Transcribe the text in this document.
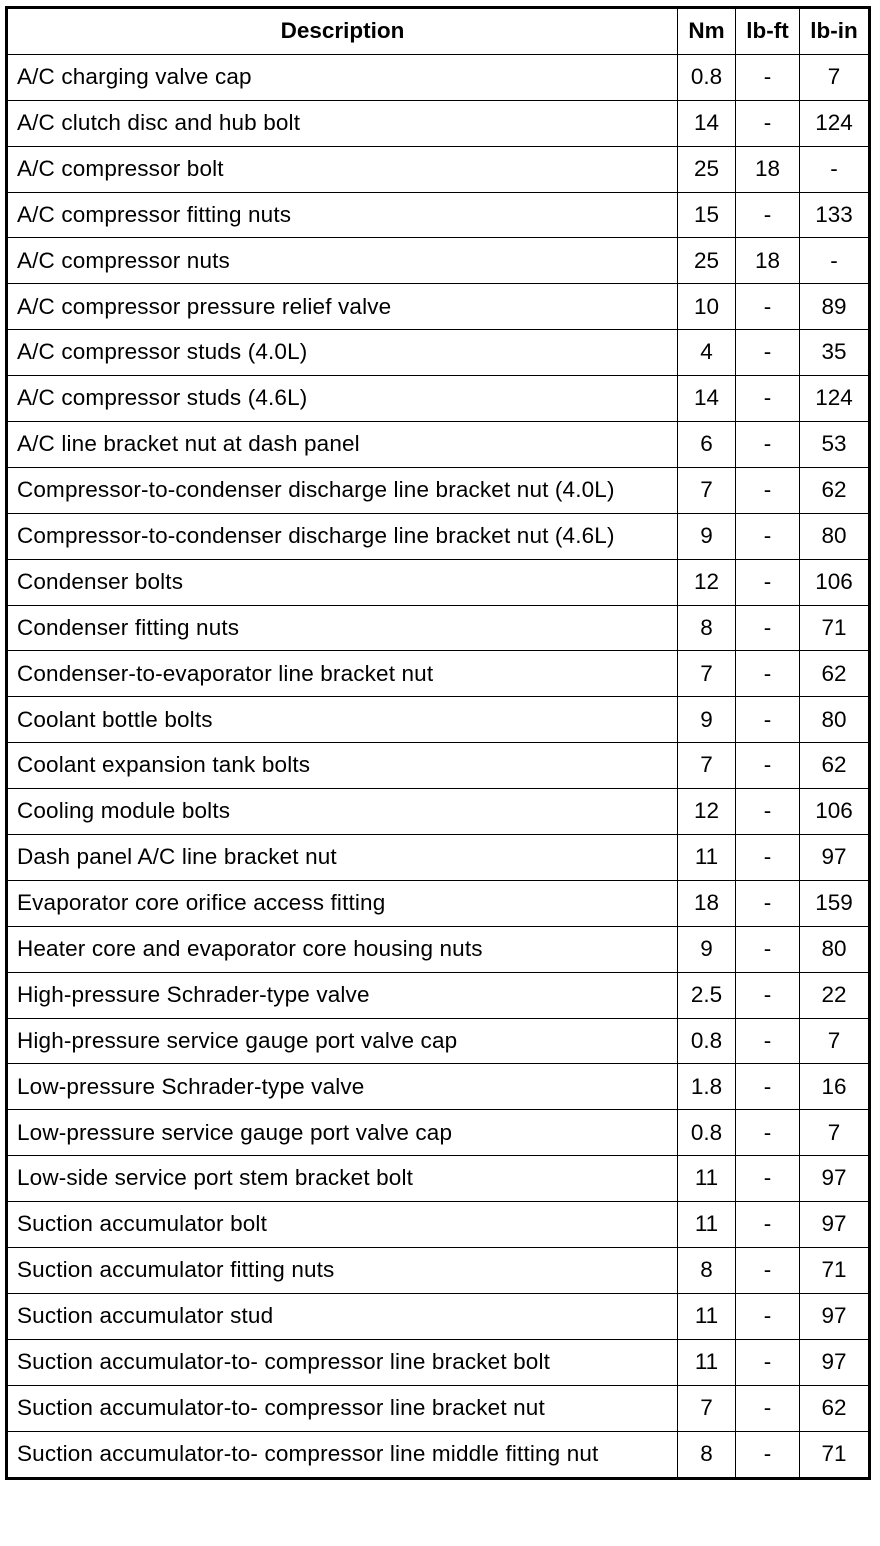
Description	Nm	lb-ft	lb-in
A/C charging valve cap	0.8	-	7
A/C clutch disc and hub bolt	14	-	124
A/C compressor bolt	25	18	-
A/C compressor fitting nuts	15	-	133
A/C compressor nuts	25	18	-
A/C compressor pressure relief valve	10	-	89
A/C compressor studs (4.0L)	4	-	35
A/C compressor studs (4.6L)	14	-	124
A/C line bracket nut at dash panel	6	-	53
Compressor-to-condenser discharge line bracket nut (4.0L)	7	-	62
Compressor-to-condenser discharge line bracket nut (4.6L)	9	-	80
Condenser bolts	12	-	106
Condenser fitting nuts	8	-	71
Condenser-to-evaporator line bracket nut	7	-	62
Coolant bottle bolts	9	-	80
Coolant expansion tank bolts	7	-	62
Cooling module bolts	12	-	106
Dash panel A/C line bracket nut	11	-	97
Evaporator core orifice access fitting	18	-	159
Heater core and evaporator core housing nuts	9	-	80
High-pressure Schrader-type valve	2.5	-	22
High-pressure service gauge port valve cap	0.8	-	7
Low-pressure Schrader-type valve	1.8	-	16
Low-pressure service gauge port valve cap	0.8	-	7
Low-side service port stem bracket bolt	11	-	97
Suction accumulator bolt	11	-	97
Suction accumulator fitting nuts	8	-	71
Suction accumulator stud	11	-	97
Suction accumulator-to- compressor line bracket bolt	11	-	97
Suction accumulator-to- compressor line bracket nut	7	-	62
Suction accumulator-to- compressor line middle fitting nut	8	-	71
